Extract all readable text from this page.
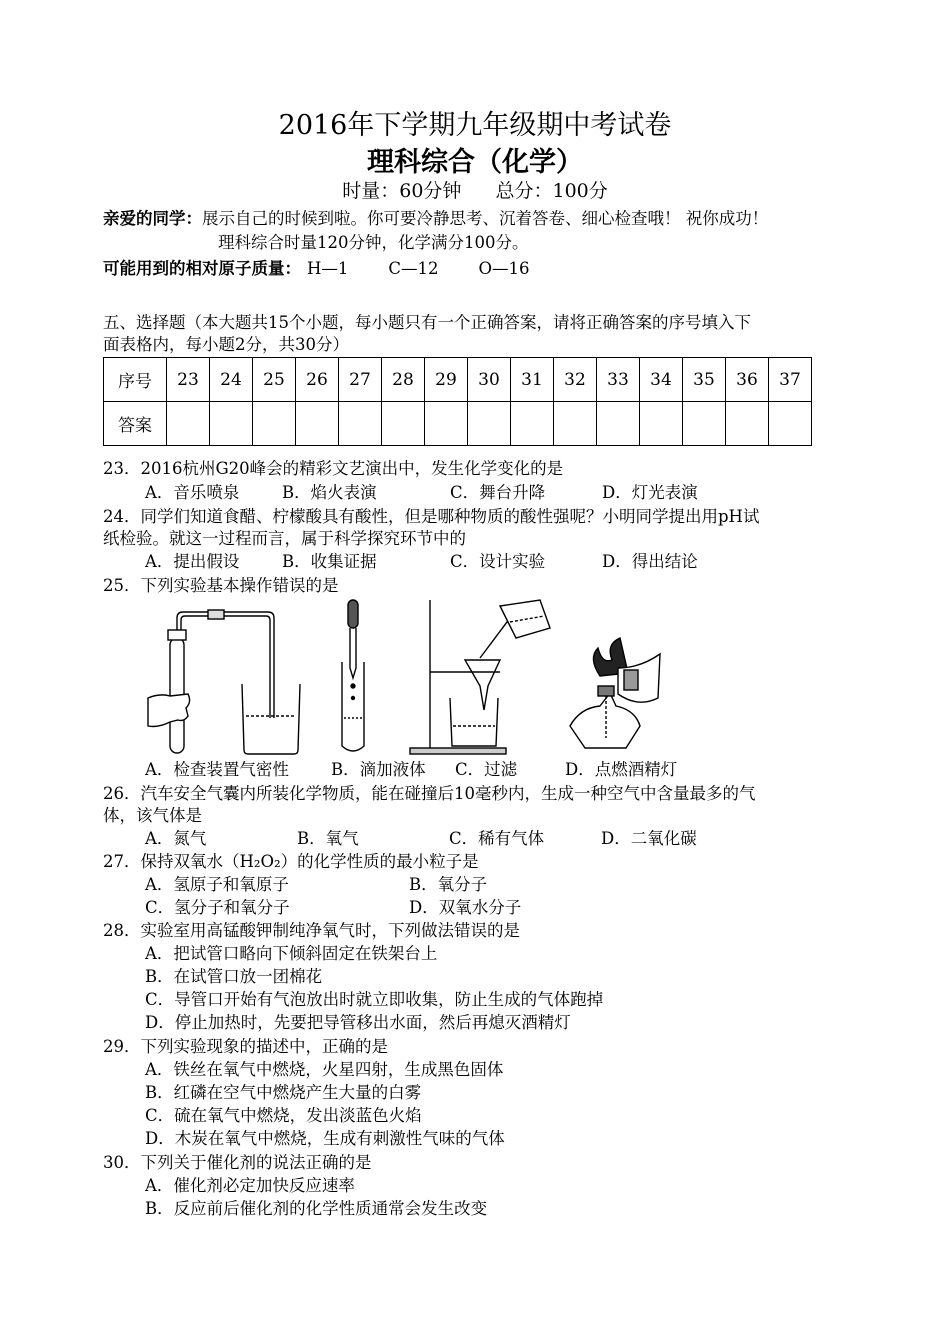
2016年下学期九年级期中考试卷
理科综合（化学）
时量：60分钟 总分：100分
亲爱的同学：展示自己的时候到啦。你可要冷静思考、沉着答卷、细心检查哦！ 祝你成功！
理科综合时量120分钟，化学满分100分。
可能用到的相对原子质量： H—1 C—12 O—16
五、选择题（本大题共15个小题，每小题只有一个正确答案，请将正确答案的序号填入下
面表格内，每小题2分，共30分）
序号	23	24	25	26	27	28	29	30	31	32	33	34	35	36	37
答案															
23．2016杭州G20峰会的精彩文艺演出中，发生化学变化的是
A．音乐喷泉	B．焰火表演	C．舞台升降	D．灯光表演
24．同学们知道食醋、柠檬酸具有酸性，但是哪种物质的酸性强呢？小明同学提出用pH试
纸检验。就这一过程而言，属于科学探究环节中的
A．提出假设	B．收集证据	C．设计实验	D．得出结论
25．下列实验基本操作错误的是
A．检查装置气密性	B．滴加液体 C．过滤	D．点燃酒精灯
26．汽车安全气囊内所装化学物质，能在碰撞后10毫秒内，生成一种空气中含量最多的气
体，该气体是
A．氮气	B．氧气	C．稀有气体	D．二氧化碳
27．保持双氧水（H₂O₂）的化学性质的最小粒子是
A．氢原子和氧原子	B．氧分子
C．氢分子和氧分子	D．双氧水分子
28．实验室用高锰酸钾制纯净氧气时，下列做法错误的是
A．把试管口略向下倾斜固定在铁架台上
B．在试管口放一团棉花
C．导管口开始有气泡放出时就立即收集，防止生成的气体跑掉
D．停止加热时，先要把导管移出水面，然后再熄灭酒精灯
29．下列实验现象的描述中，正确的是
A．铁丝在氧气中燃烧，火星四射，生成黑色固体
B．红磷在空气中燃烧产生大量的白雾
C．硫在氧气中燃烧，发出淡蓝色火焰
D．木炭在氧气中燃烧，生成有刺激性气味的气体
30．下列关于催化剂的说法正确的是
A．催化剂必定加快反应速率
B．反应前后催化剂的化学性质通常会发生改变
